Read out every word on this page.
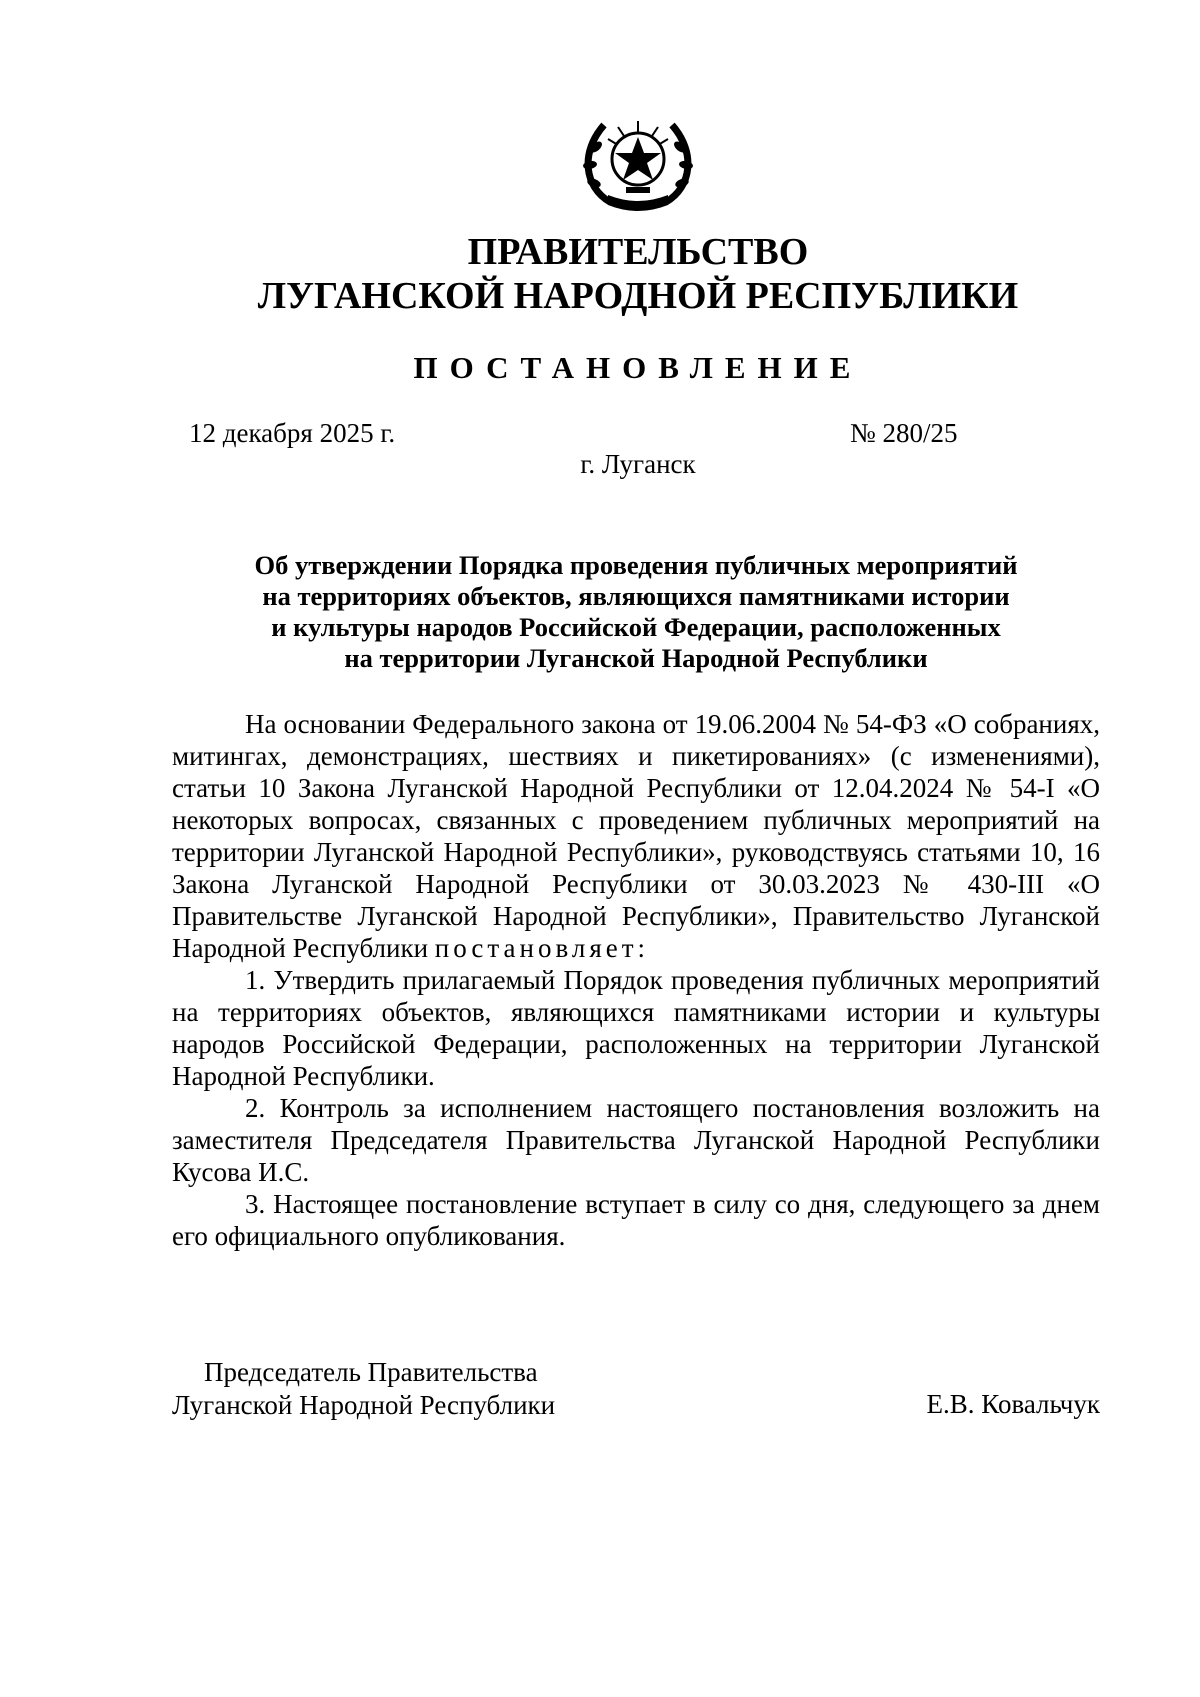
ПРАВИТЕЛЬСТВО
ЛУГАНСКОЙ НАРОДНОЙ РЕСПУБЛИКИ
ПОСТАНОВЛЕНИЕ
12 декабря 2025 г.	№ 280/25
г. Луганск
Об утверждении Порядка проведения публичных мероприятий
на территориях объектов, являющихся памятниками истории
и культуры народов Российской Федерации, расположенных
на территории Луганской Народной Республики

На основании Федерального закона от 19.06.2004 № 54-ФЗ «О собраниях, митингах, демонстрациях, шествиях и пикетированиях» (с изменениями), статьи 10 Закона Луганской Народной Республики от 12.04.2024 № 54-I «О некоторых вопросах, связанных с проведением публичных мероприятий на территории Луганской Народной Республики», руководствуясь статьями 10, 16 Закона Луганской Народной Республики от 30.03.2023 № 430-III «О Правительстве Луганской Народной Республики», Правительство Луганской Народной Республики постановляет:

1. Утвердить прилагаемый Порядок проведения публичных мероприятий на территориях объектов, являющихся памятниками истории и культуры народов Российской Федерации, расположенных на территории Луганской Народной Республики.

2. Контроль за исполнением настоящего постановления возложить на заместителя Председателя Правительства Луганской Народной Республики Кусова И.С.

3. Настоящее постановление вступает в силу со дня, следующего за днем его официального опубликования.

Председатель Правительства
Луганской Народной Республики	Е.В. Ковальчук
